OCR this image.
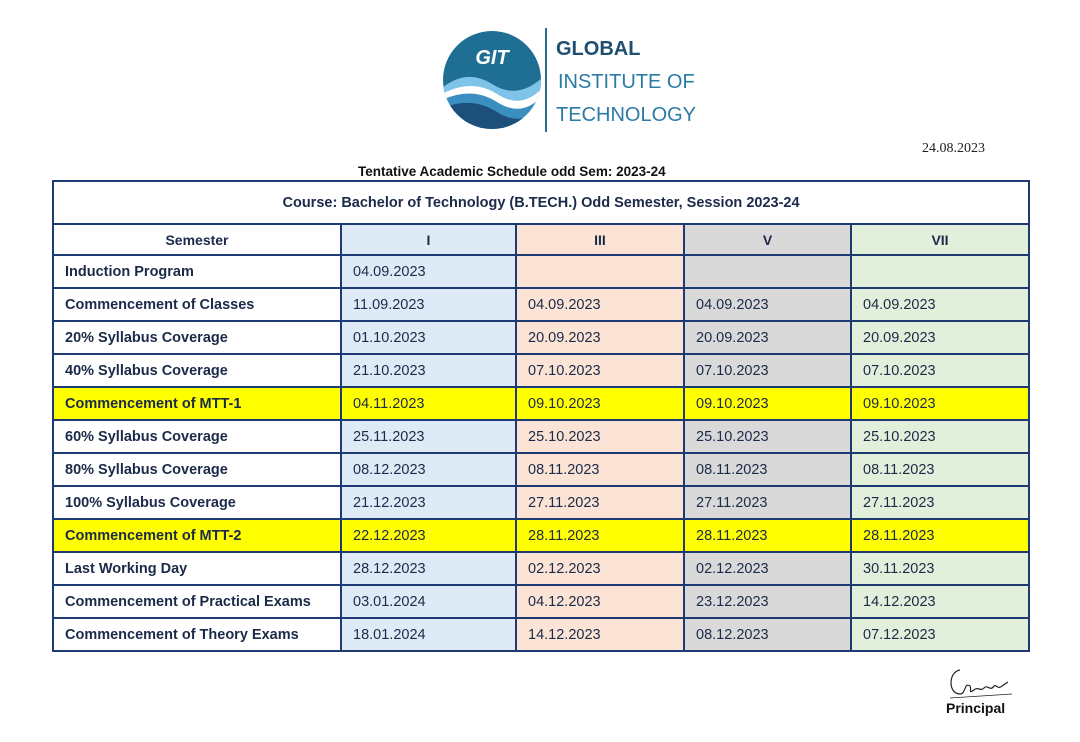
GIT GLOBAL
INSTITUTE OF
TECHNOLOGY
24.08.2023
Tentative Academic Schedule odd Sem: 2023-24
Course: Bachelor of Technology (B.TECH.) Odd Semester, Session 2023-24				
Semester	I	III	V	VII
Induction Program	04.09.2023			
Commencement of Classes	11.09.2023	04.09.2023	04.09.2023	04.09.2023
20% Syllabus Coverage	01.10.2023	20.09.2023	20.09.2023	20.09.2023
40% Syllabus Coverage	21.10.2023	07.10.2023	07.10.2023	07.10.2023
Commencement of MTT-1	04.11.2023	09.10.2023	09.10.2023	09.10.2023
60% Syllabus Coverage	25.11.2023	25.10.2023	25.10.2023	25.10.2023
80% Syllabus Coverage	08.12.2023	08.11.2023	08.11.2023	08.11.2023
100% Syllabus Coverage	21.12.2023	27.11.2023	27.11.2023	27.11.2023
Commencement of MTT-2	22.12.2023	28.11.2023	28.11.2023	28.11.2023
Last Working Day	28.12.2023	02.12.2023	02.12.2023	30.11.2023
Commencement of Practical Exams	03.01.2024	04.12.2023	23.12.2023	14.12.2023
Commencement of Theory Exams	18.01.2024	14.12.2023	08.12.2023	07.12.2023
Principal
